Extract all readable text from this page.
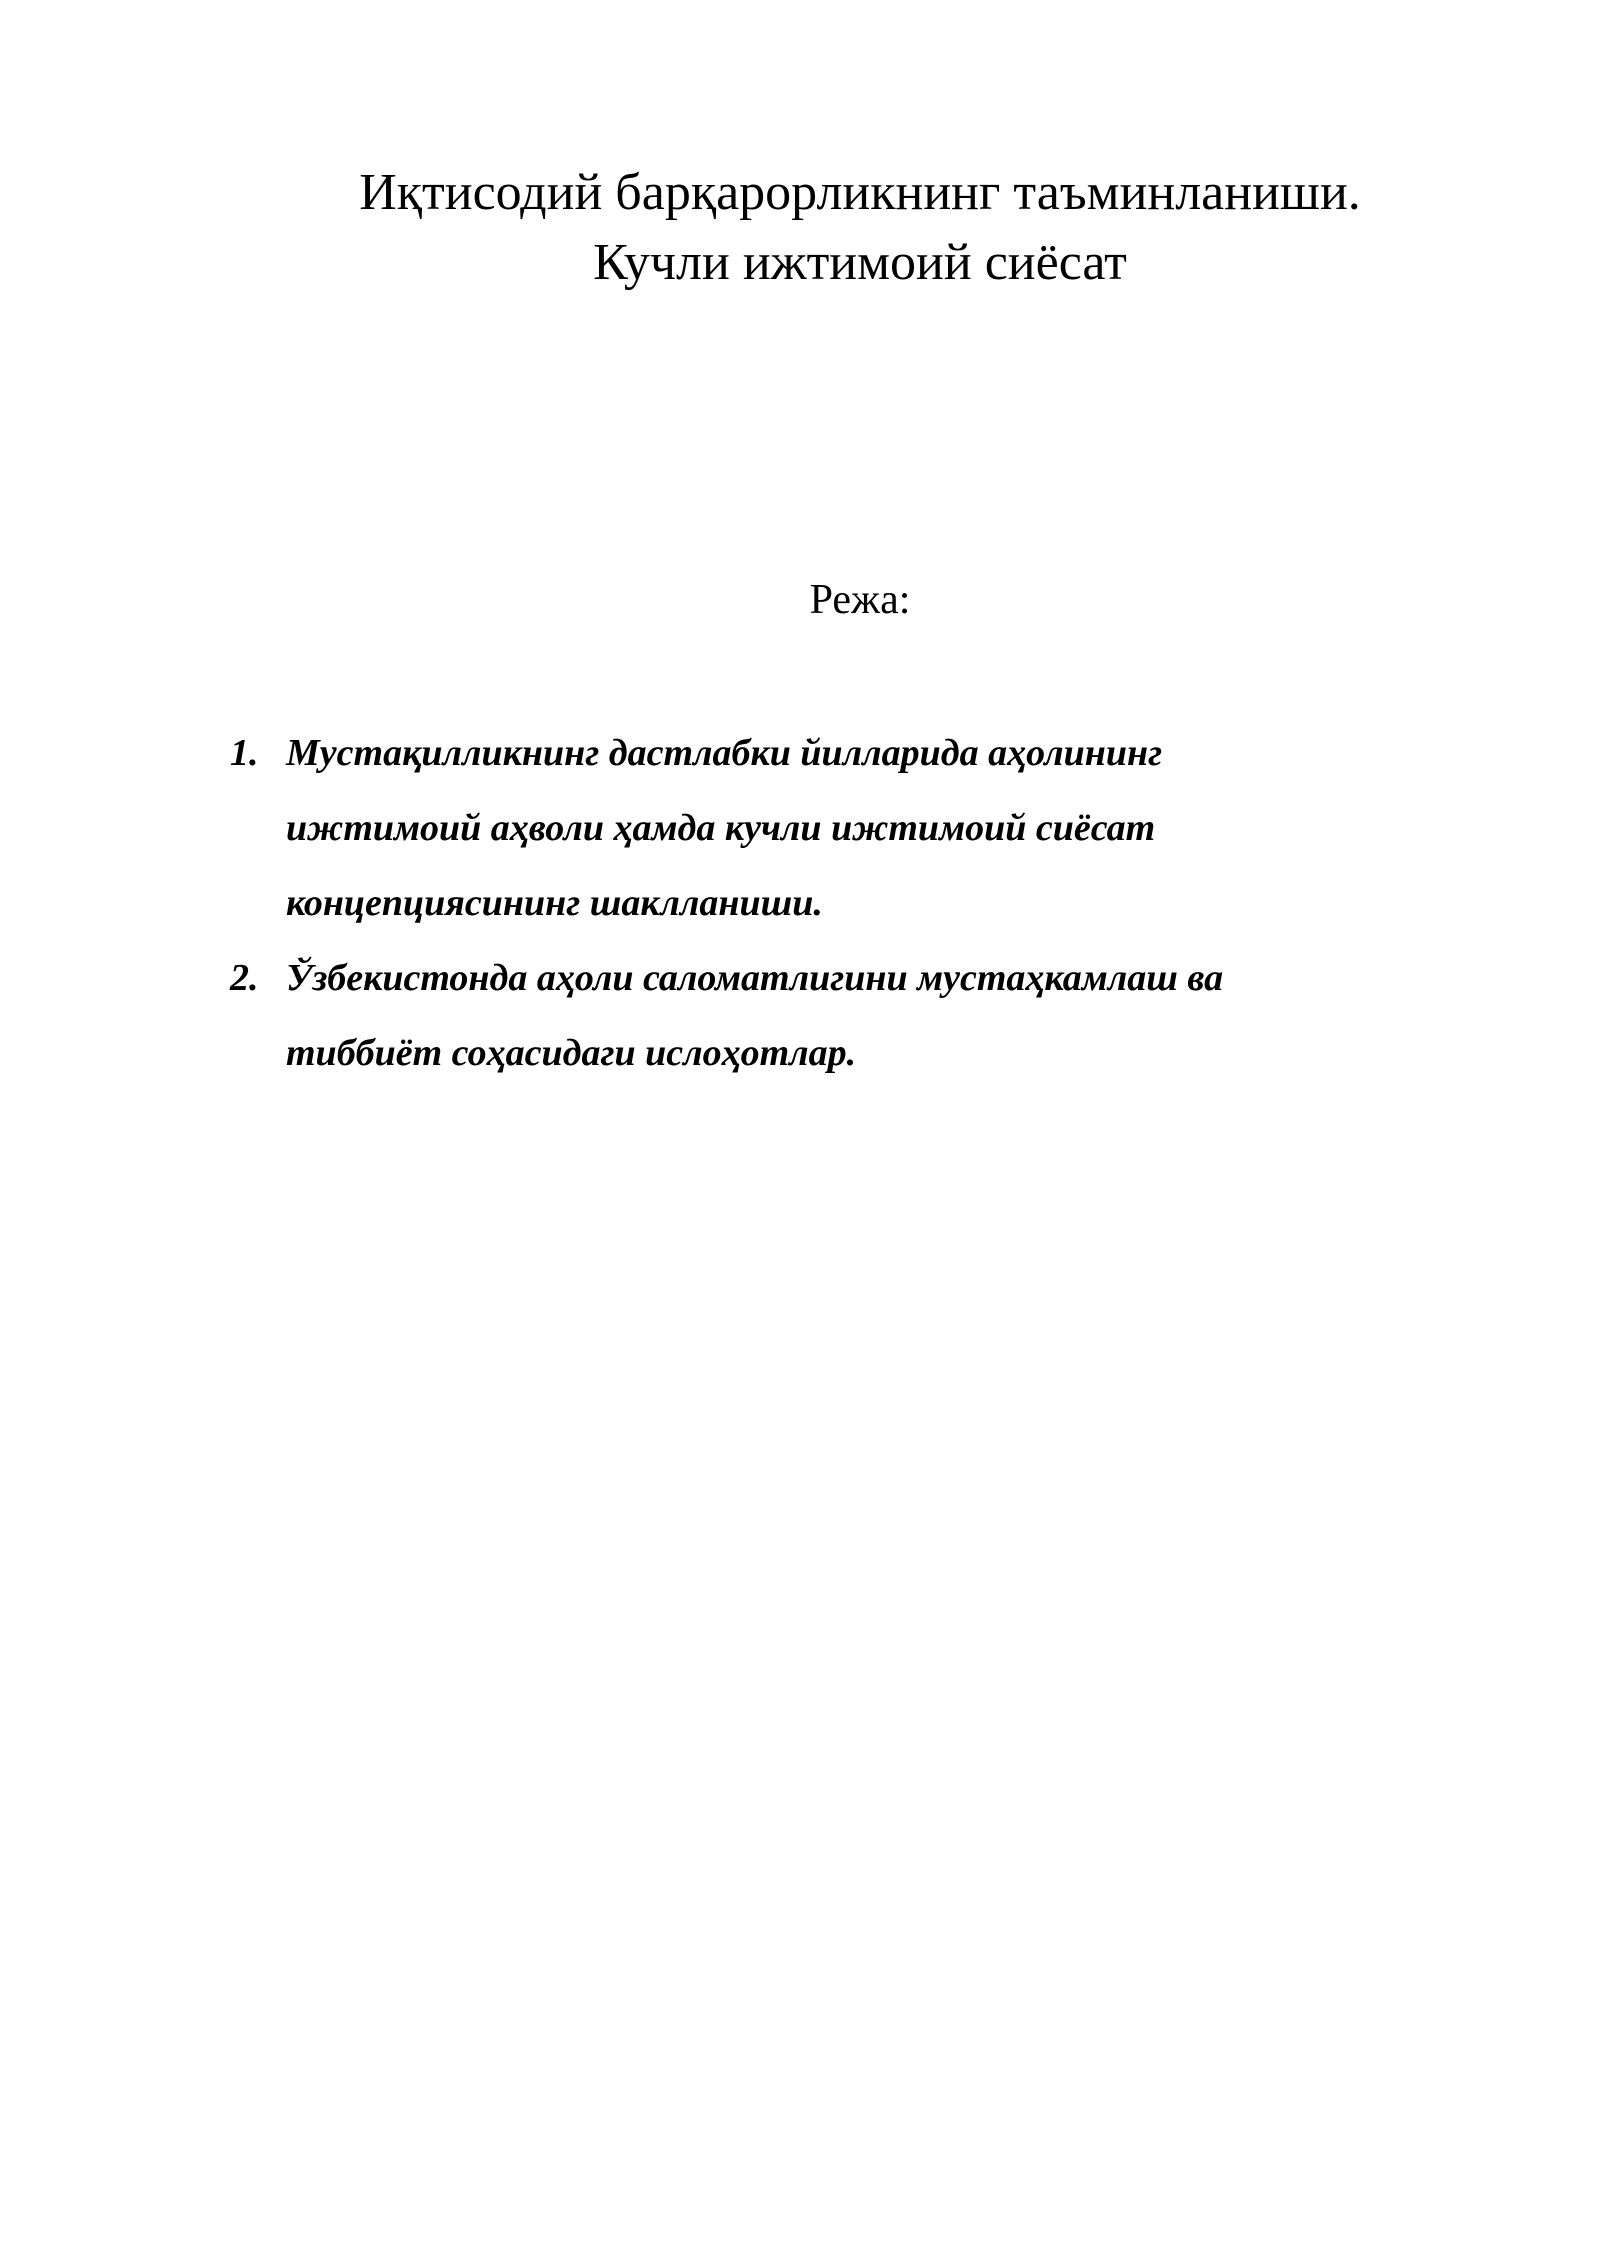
Иқтисодий барқарорликнинг таъминланиши.
Кучли ижтимоий сиёсат

Режа:

1. Мустақилликнинг дастлабки йилларида аҳолининг
ижтимоий аҳволи ҳамда кучли ижтимоий сиёсат
концепциясининг шаклланиши.
2. Ўзбекистонда аҳоли саломатлигини мустаҳкамлаш ва
тиббиёт соҳасидаги ислоҳотлар.
